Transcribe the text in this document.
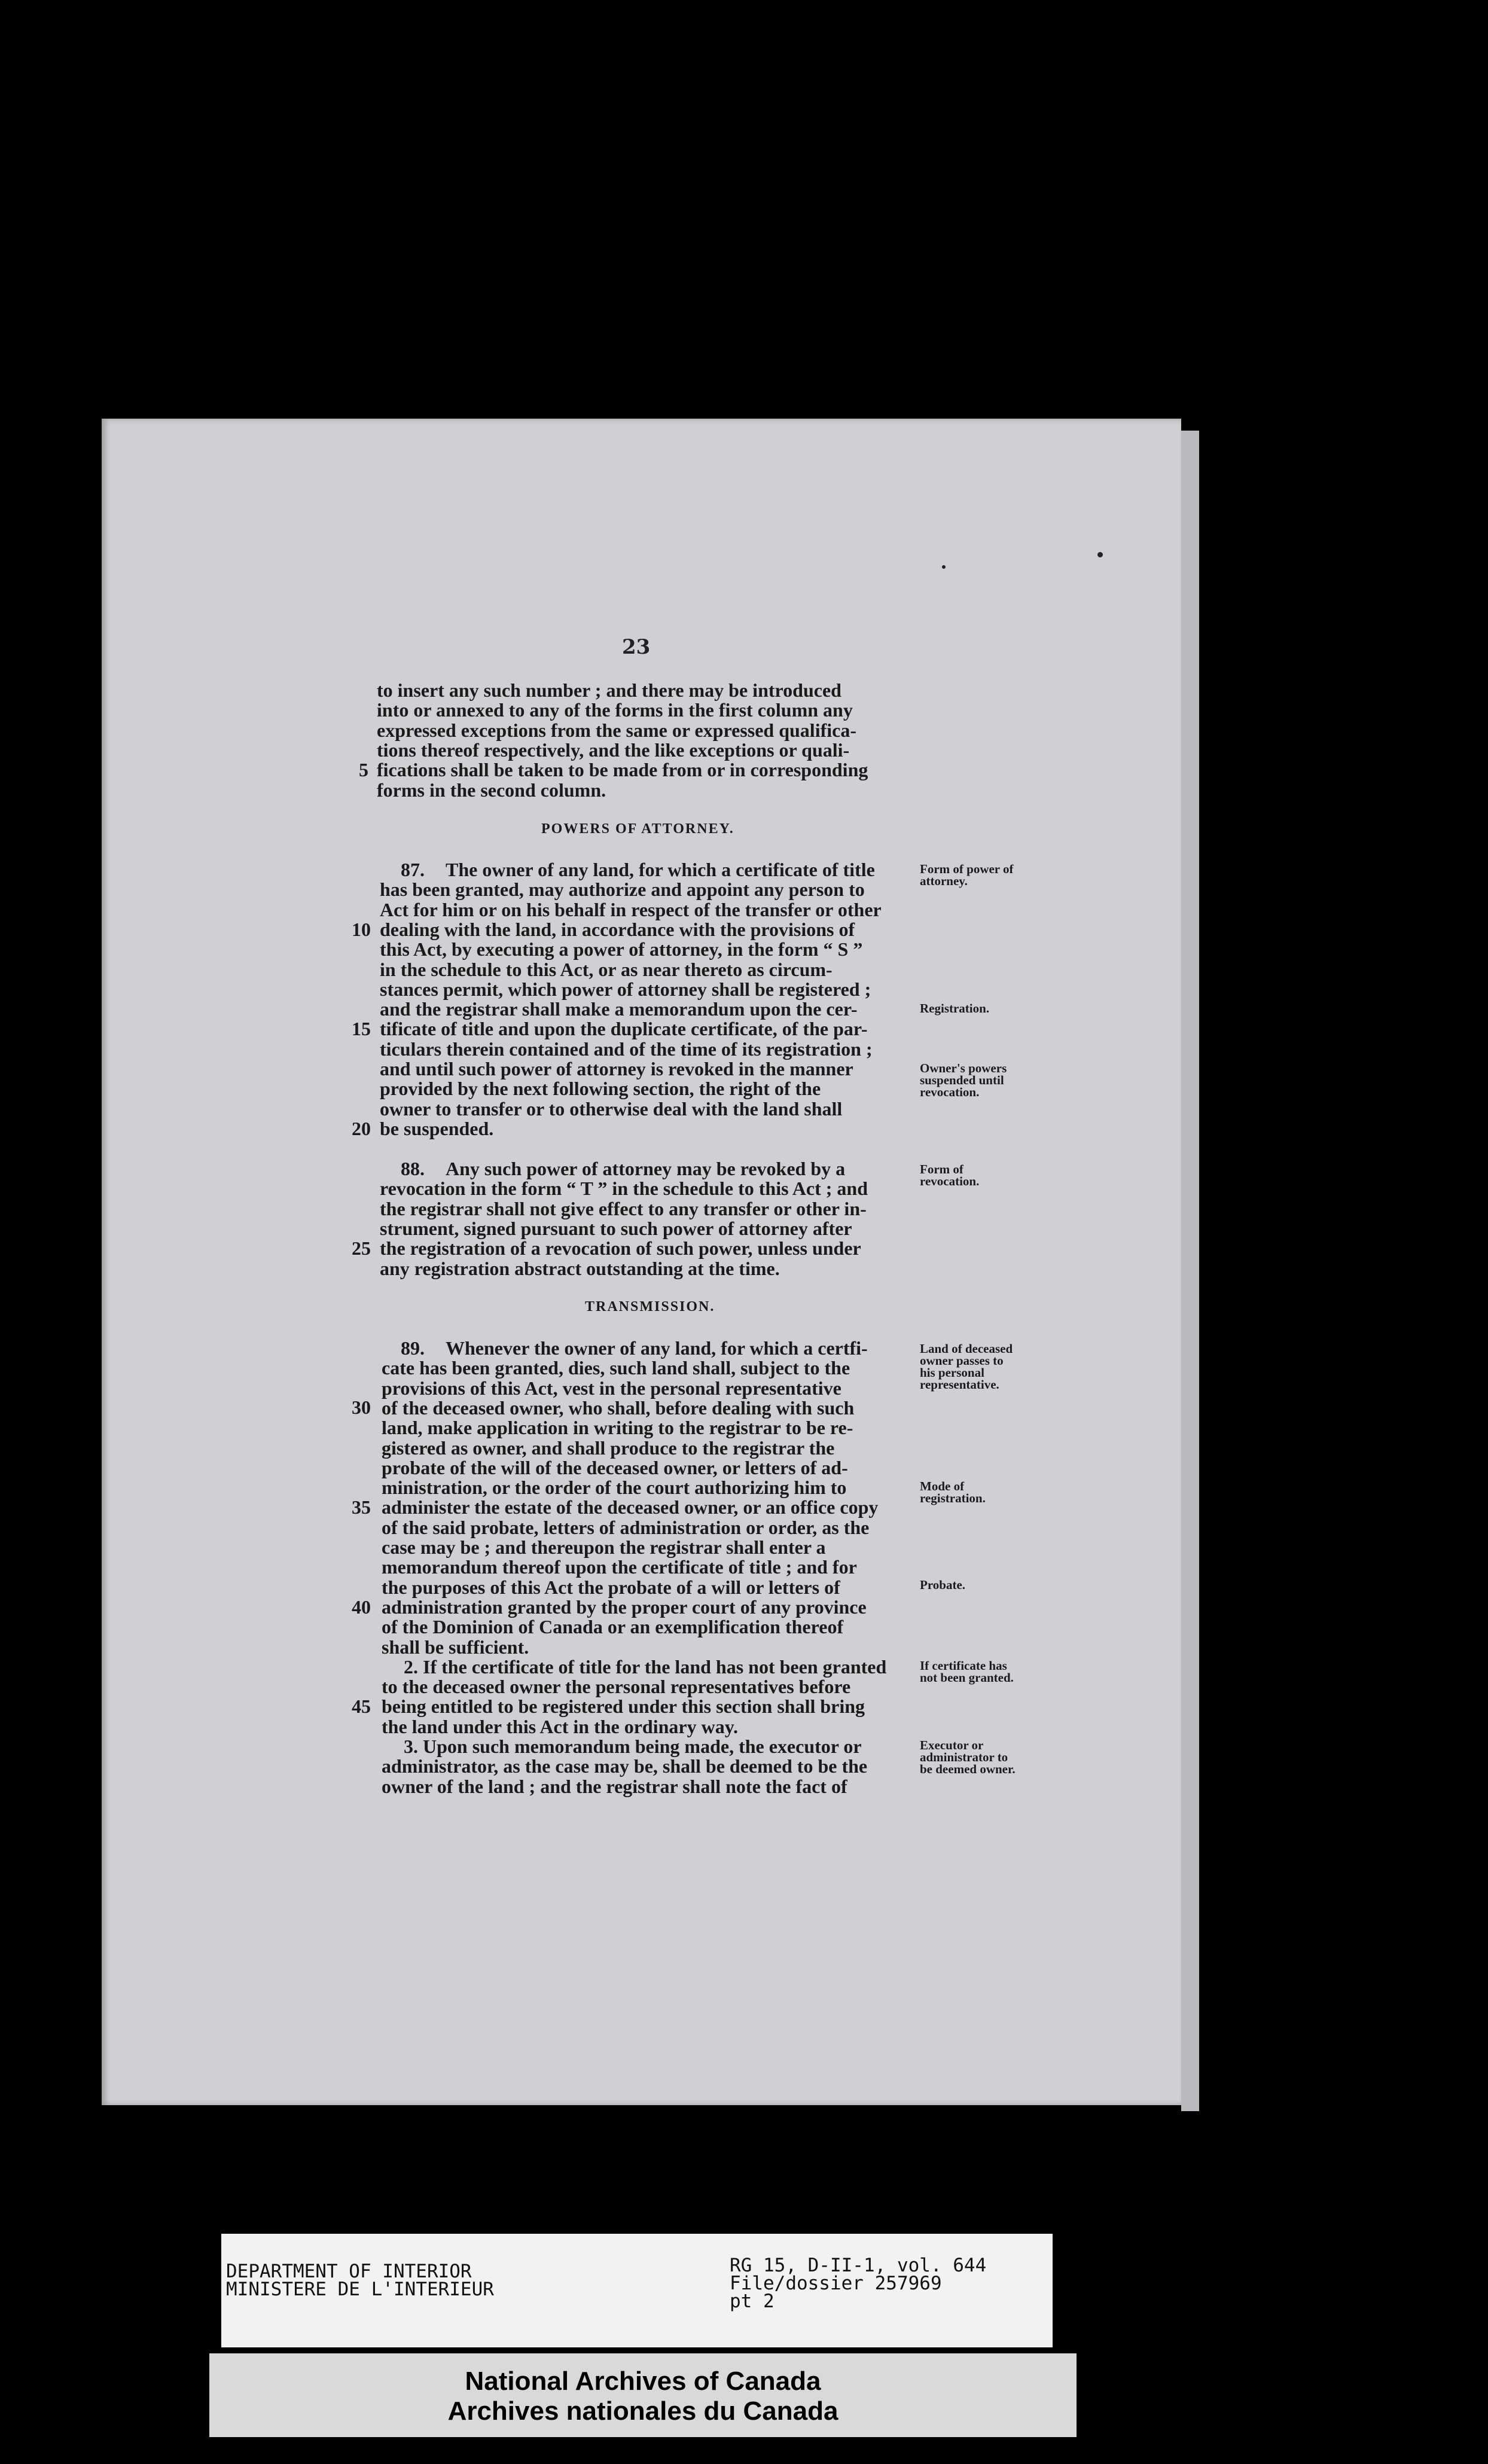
23
to insert any such number ; and there may be introduced
into or annexed to any of the forms in the first column any
expressed exceptions from the same or expressed qualifica-
tions thereof respectively, and the like exceptions or quali-
fications shall be taken to be made from or in corresponding
forms in the second column.
87. The owner of any land, for which a certificate of title
has been granted, may authorize and appoint any person to
Act for him or on his behalf in respect of the transfer or other
dealing with the land, in accordance with the provisions of
this Act, by executing a power of attorney, in the form “ S ”
in the schedule to this Act, or as near thereto as circum-
stances permit, which power of attorney shall be registered ;
and the registrar shall make a memorandum upon the cer-
tificate of title and upon the duplicate certificate, of the par-
ticulars therein contained and of the time of its registration ;
and until such power of attorney is revoked in the manner
provided by the next following section, the right of the
owner to transfer or to otherwise deal with the land shall
be suspended.
88. Any such power of attorney may be revoked by a
revocation in the form “ T ” in the schedule to this Act ; and
the registrar shall not give effect to any transfer or other in-
strument, signed pursuant to such power of attorney after
the registration of a revocation of such power, unless under
any registration abstract outstanding at the time.
89. Whenever the owner of any land, for which a certfi-
cate has been granted, dies, such land shall, subject to the
provisions of this Act, vest in the personal representative
of the deceased owner, who shall, before dealing with such
land, make application in writing to the registrar to be re-
gistered as owner, and shall produce to the registrar the
probate of the will of the deceased owner, or letters of ad-
ministration, or the order of the court authorizing him to
administer the estate of the deceased owner, or an office copy
of the said probate, letters of administration or order, as the
case may be ; and thereupon the registrar shall enter a
memorandum thereof upon the certificate of title ; and for
the purposes of this Act the probate of a will or letters of
administration granted by the proper court of any province
of the Dominion of Canada or an exemplification thereof
shall be sufficient.
2. If the certificate of title for the land has not been granted
to the deceased owner the personal representatives before
being entitled to be registered under this section shall bring
the land under this Act in the ordinary way.
3. Upon such memorandum being made, the executor or
administrator, as the case may be, shall be deemed to be the
owner of the land ; and the registrar shall note the fact of
POWERS OF ATTORNEY.
TRANSMISSION.
5
10
15
20
25
30
35
40
45
Form of power of attorney.
Registration.
Owner's powers suspended until revocation.
Form of revocation.
Land of deceased owner passes to his personal representative.
Mode of registration.
Probate.
If certificate has not been granted.
Executor or administrator to be deemed owner.
DEPARTMENT OF INTERIOR
MINISTERE DE L'INTERIEUR
RG 15, D-II-1, vol. 644
File/dossier 257969
pt 2
National Archives of Canada
Archives nationales du Canada
